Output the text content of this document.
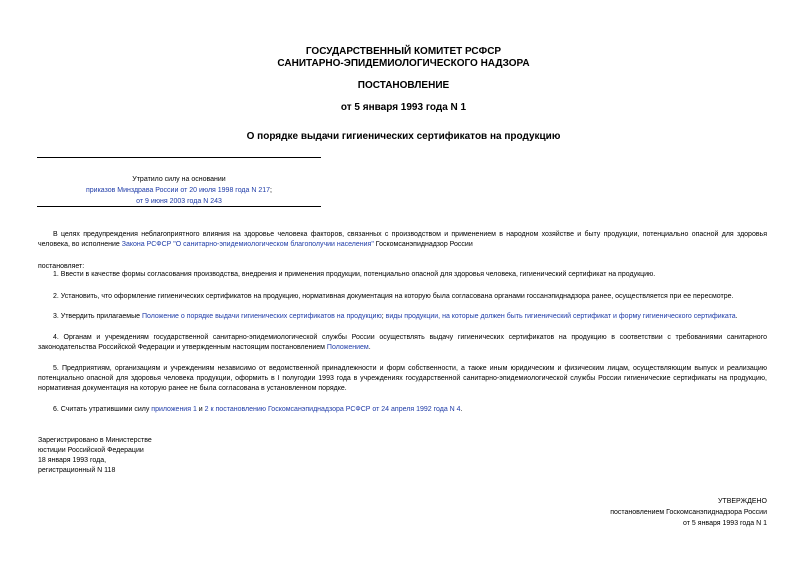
ГОСУДАРСТВЕННЫЙ КОМИТЕТ РСФСР
САНИТАРНО-ЭПИДЕМИОЛОГИЧЕСКОГО НАДЗОРА
ПОСТАНОВЛЕНИЕ
от 5 января 1993 года N 1
О порядке выдачи гигиенических сертификатов на продукцию
Утратило силу на основании
приказов Минздрава России от 20 июля 1998 года N 217;
от 9 июня 2003 года N 243
В целях предупреждения неблагоприятного влияния на здоровье человека факторов, связанных с производством и применением в народном хозяйстве и быту продукции, потенциально опасной для здоровья человека, во исполнение Закона РСФСР "О санитарно-эпидемиологическом благополучии населения" Госкомсанэпиднадзор России
постановляет:
1. Ввести в качестве формы согласования производства, внедрения и применения продукции, потенциально опасной для здоровья человека, гигиенический сертификат на продукцию.
2. Установить, что оформление гигиенических сертификатов на продукцию, нормативная документация на которую была согласована органами госсанэпиднадзора ранее, осуществляется при ее пересмотре.
3. Утвердить прилагаемые Положение о порядке выдачи гигиенических сертификатов на продукцию; виды продукции, на которые должен быть гигиенический сертификат и форму гигиенического сертификата.
4. Органам и учреждениям государственной санитарно-эпидемиологической службы России осуществлять выдачу гигиенических сертификатов на продукцию в соответствии с требованиями санитарного законодательства Российской Федерации и утвержденным настоящим постановлением Положением.
5. Предприятиям, организациям и учреждениям независимо от ведомственной принадлежности и форм собственности, а также иным юридическим и физическим лицам, осуществляющим выпуск и реализацию потенциально опасной для здоровья человека продукции, оформить в I полугодии 1993 года в учреждениях государственной санитарно-эпидемиологической службы России гигиенические сертификаты на продукцию, нормативная документация на которую ранее не была согласована в установленном порядке.
6. Считать утратившими силу приложения 1 и 2 к постановлению Госкомсанэпиднадзора РСФСР от 24 апреля 1992 года N 4.
Зарегистрировано в Министерстве
юстиции Российской Федерации
18 января 1993 года,
регистрационный N 118
УТВЕРЖДЕНО
постановлением Госкомсанэпиднадзора России
от 5 января 1993 года N 1
